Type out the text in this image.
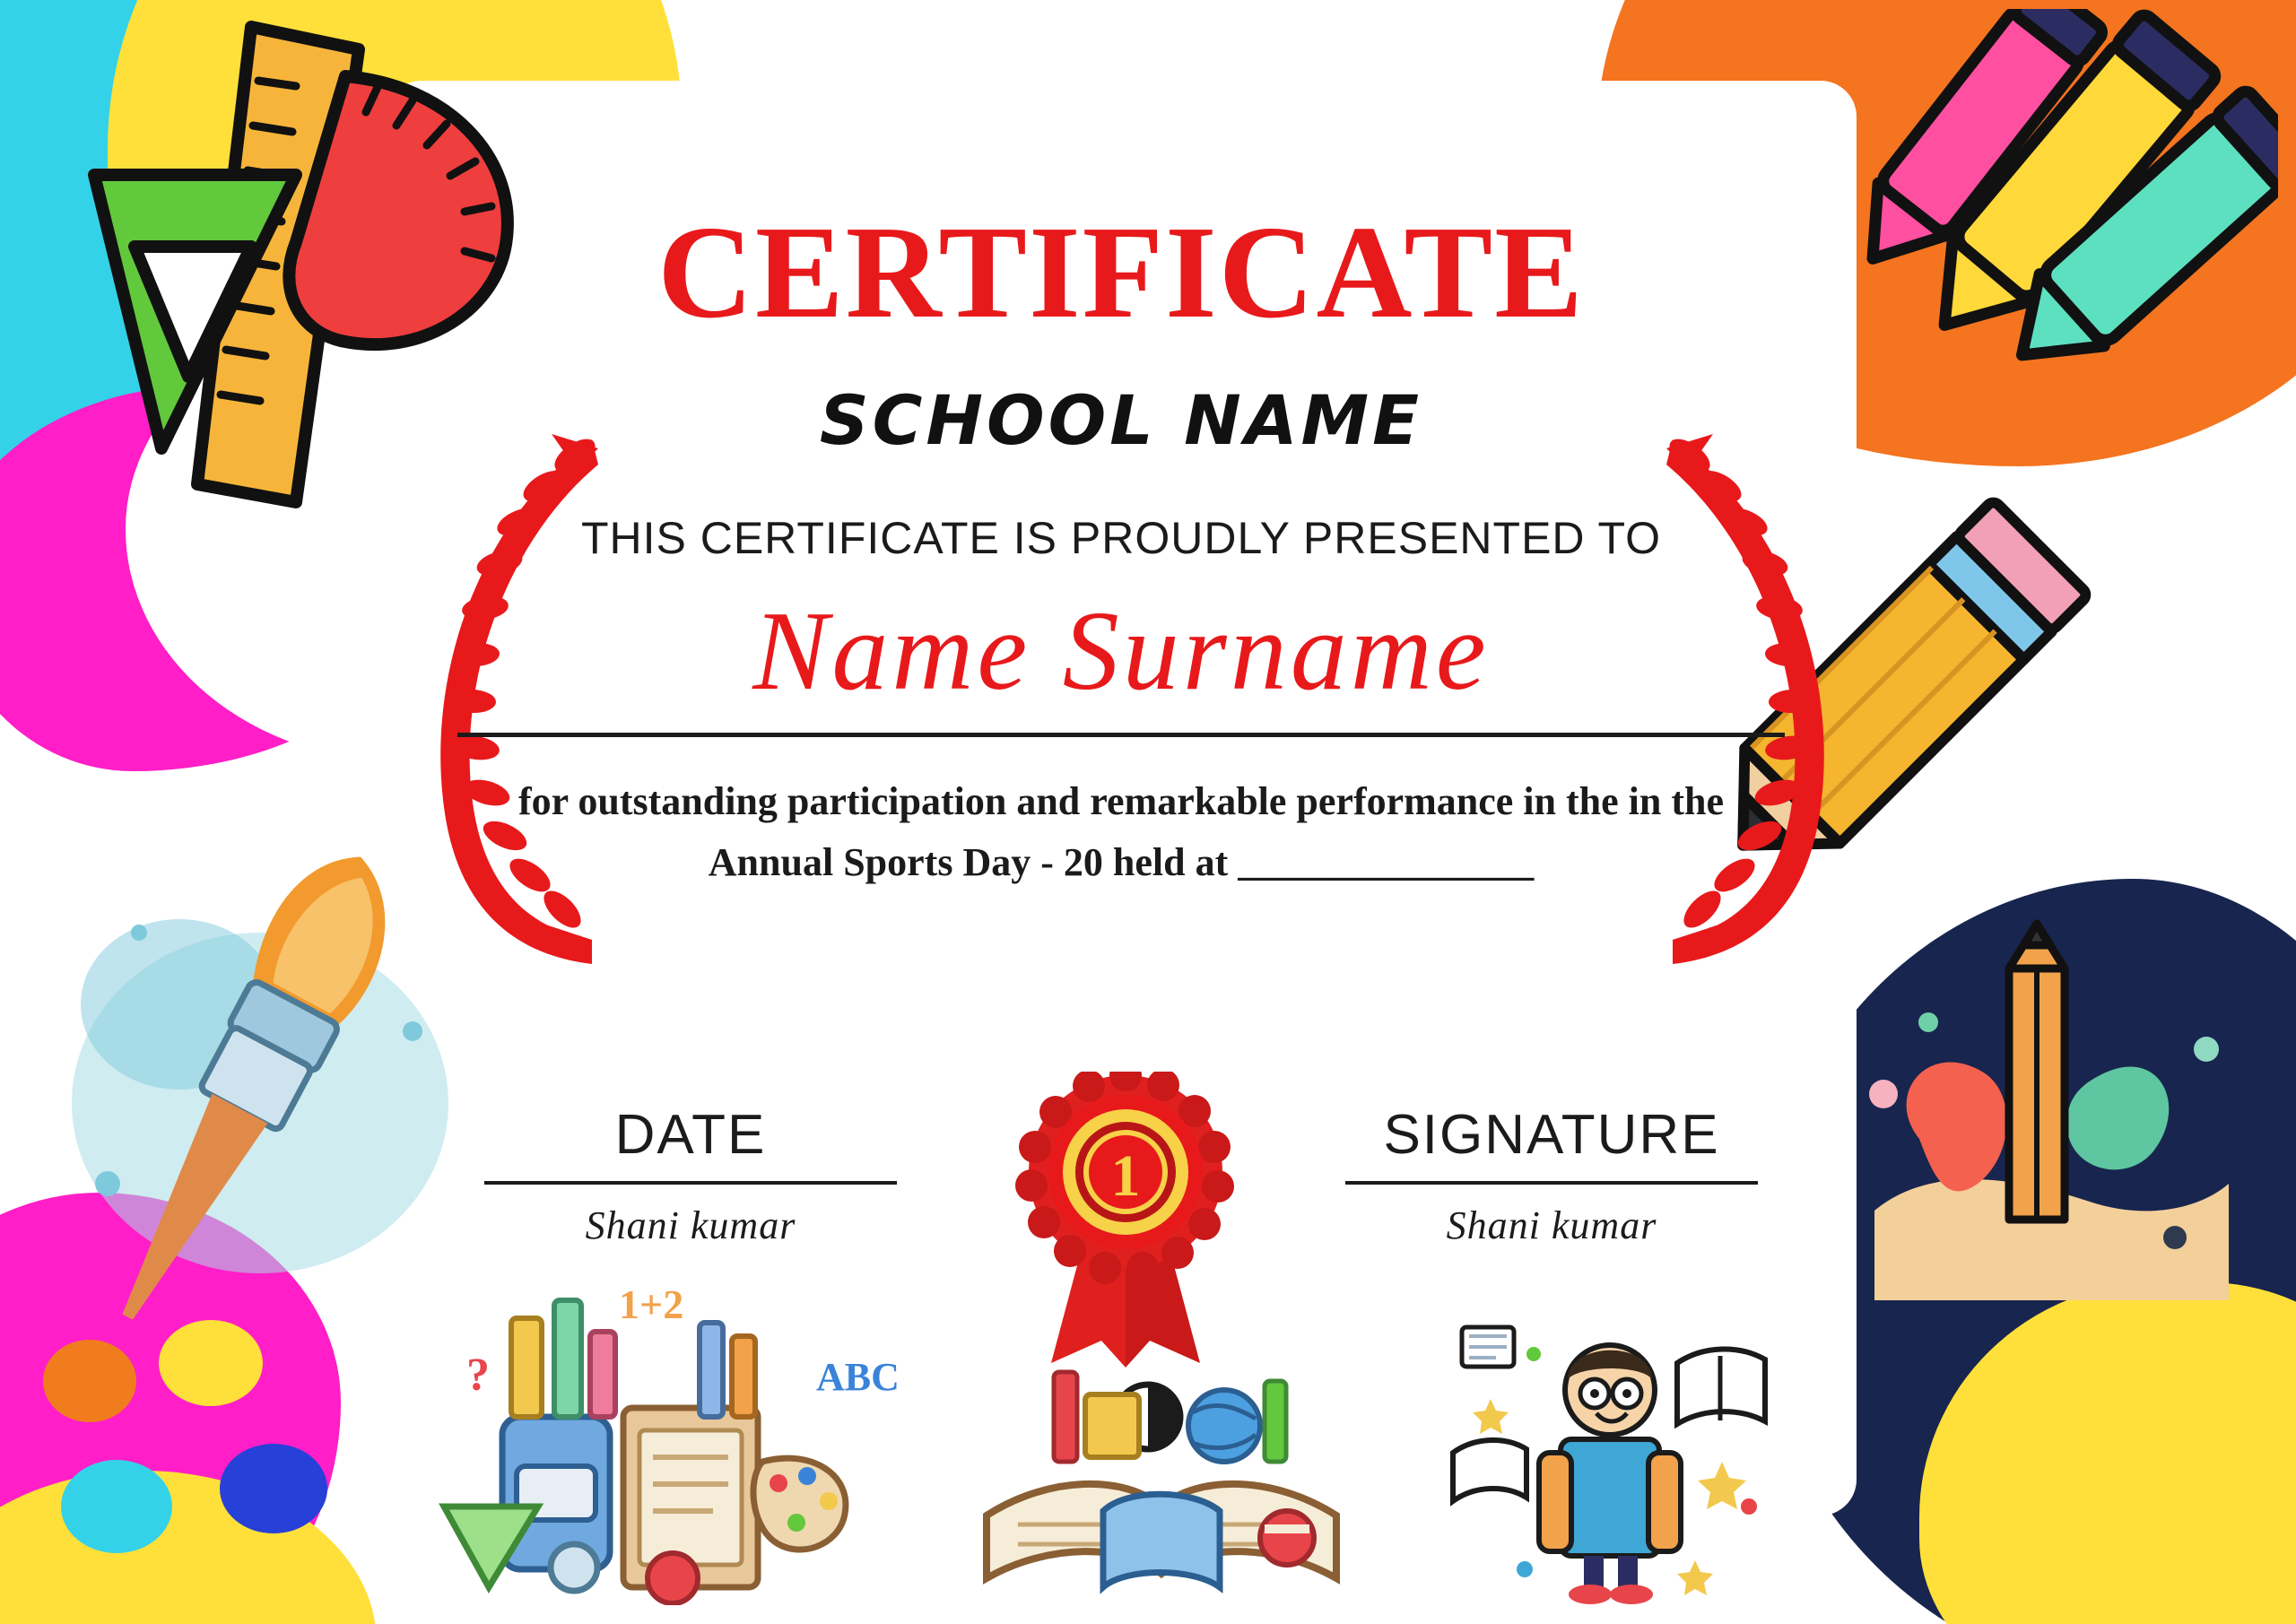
CERTIFICATE
SCHOOL NAME
THIS CERTIFICATE IS PROUDLY PRESENTED TO
Name Surname
for outstanding participation and remarkable performance in the in the
Annual Sports Day - 20 held at _______________
DATE
Shani kumar
SIGNATURE
Shani kumar
1
?	ABC
1+2
